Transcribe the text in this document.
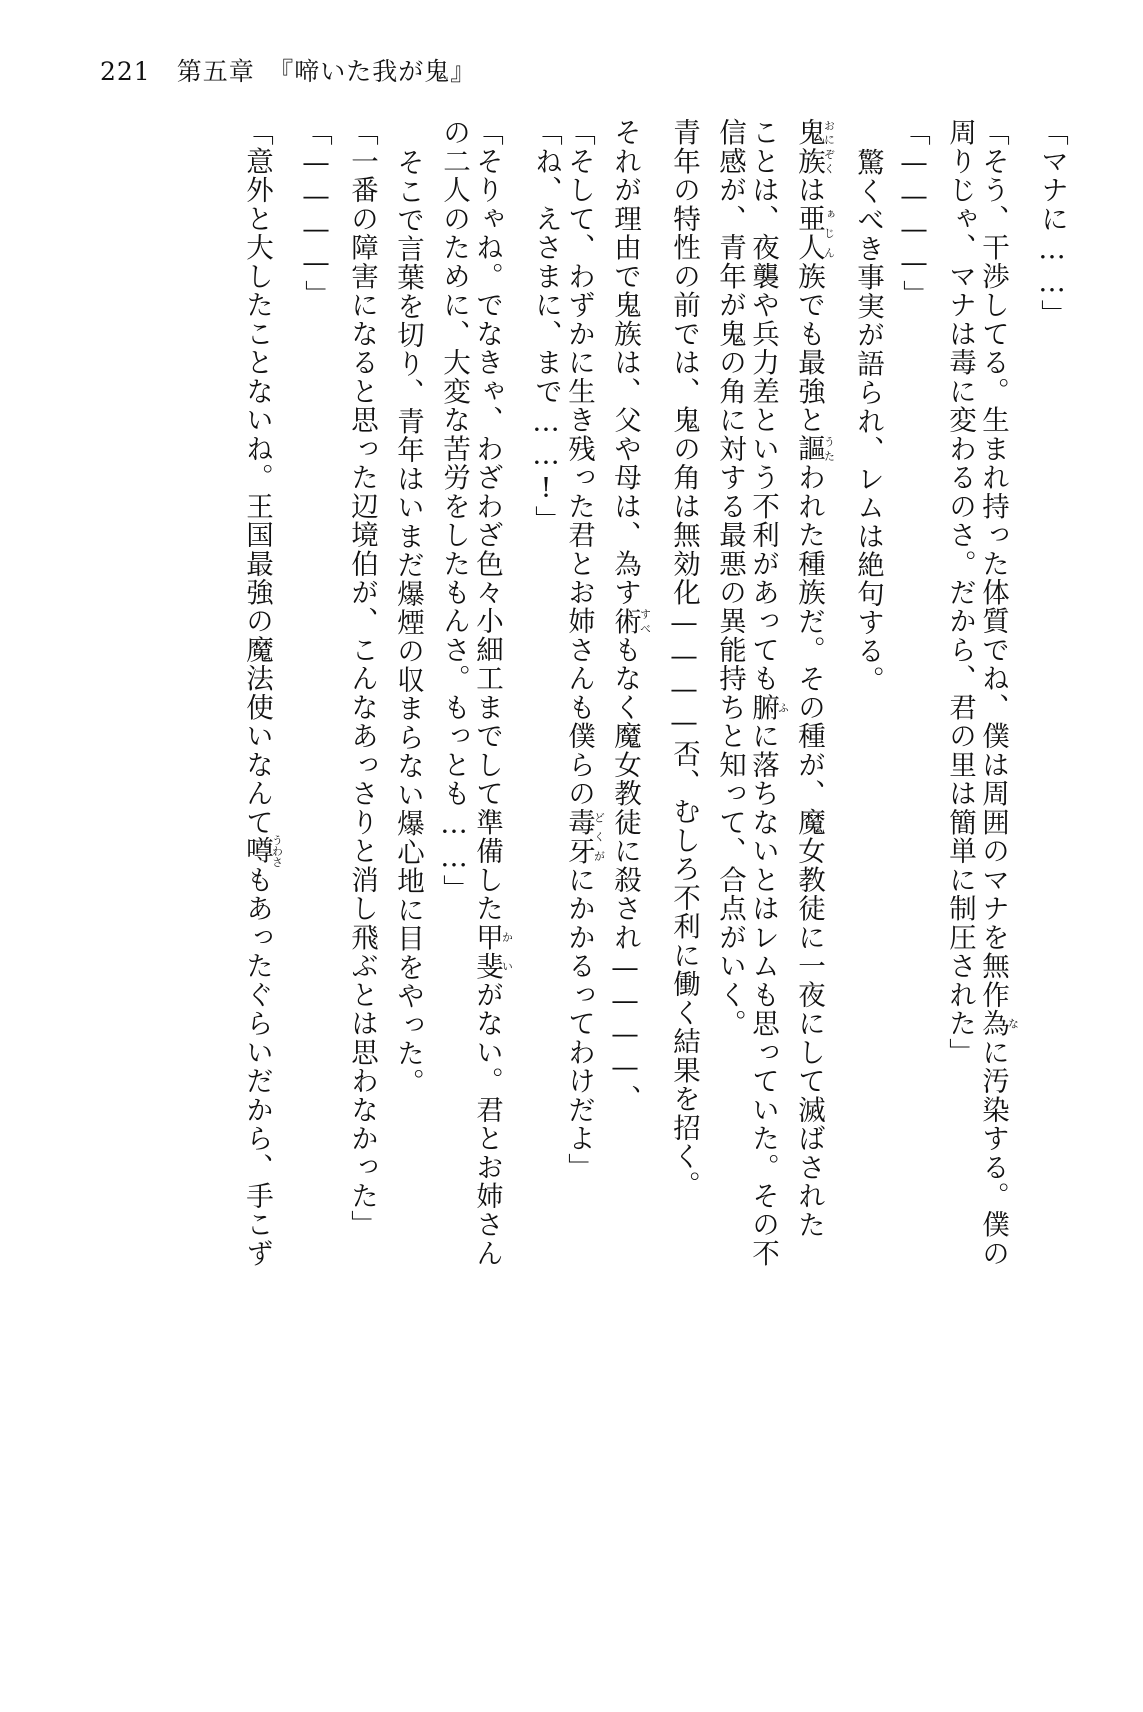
221 第五章　『啼いた我が鬼』
「マナに……」
「そう、干渉してる。生まれ持った体質でね、僕は周囲のマナを無作為なに汚染する。僕の
周りじゃ、マナは毒に変わるのさ。だから、君の里は簡単に制圧された」
「————」
驚くべき事実が語られ、レムは絶句する。
鬼族おにぞくは亜人ぁじん族でも最強と謳うたわれた種族だ。その種が、魔女教徒に一夜にして滅ばされた
ことは、夜襲や兵力差という不利があっても腑ふに落ちないとはレムも思っていた。その不
信感が、青年が鬼の角に対する最悪の異能持ちと知って、合点がいく。
青年の特性の前では、鬼の角は無効化————否、むしろ不利に働く結果を招く。
それが理由で鬼族は、父や母は、為す術すべもなく魔女教徒に殺され————、
「そして、わずかに生き残った君とお姉さんも僕らの毒牙どくがにかかるってわけだよ」
「ね、えさまに、まで……!」
「そりゃね。でなきゃ、わざわざ色々小細工までして準備した甲斐かいがない。君とお姉さん
の二人のために、大変な苦労をしたもんさ。もっとも……」
そこで言葉を切り、青年はいまだ爆煙の収まらない爆心地に目をやった。
「一番の障害になると思った辺境伯が、こんなあっさりと消し飛ぶとは思わなかった」
「————」
「意外と大したことないね。王国最強の魔法使いなんて噂うわさもあったぐらいだから、手こず
